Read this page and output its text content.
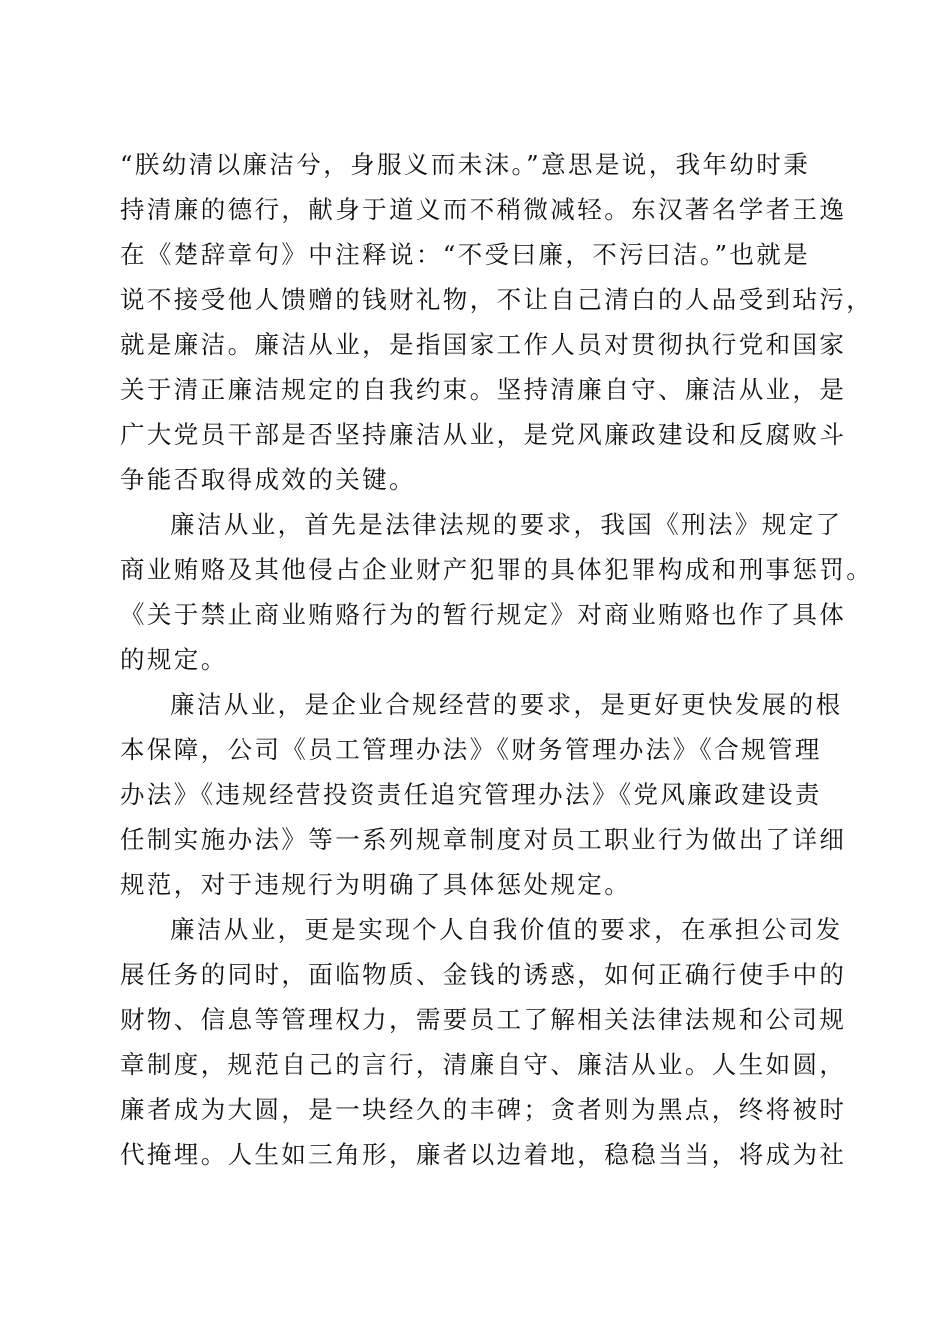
“朕幼清以廉洁兮，身服义而未沫。”意思是说，我年幼时秉
持清廉的德行，献身于道义而不稍微减轻。东汉著名学者王逸
在《楚辞章句》中注释说：“不受曰廉，不污曰洁。”也就是
说不接受他人馈赠的钱财礼物，不让自己清白的人品受到玷污，
就是廉洁。廉洁从业，是指国家工作人员对贯彻执行党和国家
关于清正廉洁规定的自我约束。坚持清廉自守、廉洁从业，是
广大党员干部是否坚持廉洁从业，是党风廉政建设和反腐败斗
争能否取得成效的关键。
廉洁从业，首先是法律法规的要求，我国《刑法》规定了
商业贿赂及其他侵占企业财产犯罪的具体犯罪构成和刑事惩罚。
《关于禁止商业贿赂行为的暂行规定》对商业贿赂也作了具体
的规定。
廉洁从业，是企业合规经营的要求，是更好更快发展的根
本保障，公司《员工管理办法》《财务管理办法》《合规管理
办法》《违规经营投资责任追究管理办法》《党风廉政建设责
任制实施办法》等一系列规章制度对员工职业行为做出了详细
规范，对于违规行为明确了具体惩处规定。
廉洁从业，更是实现个人自我价值的要求，在承担公司发
展任务的同时，面临物质、金钱的诱惑，如何正确行使手中的
财物、信息等管理权力，需要员工了解相关法律法规和公司规
章制度，规范自己的言行，清廉自守、廉洁从业。人生如圆，
廉者成为大圆，是一块经久的丰碑；贪者则为黑点，终将被时
代掩埋。人生如三角形，廉者以边着地，稳稳当当，将成为社
